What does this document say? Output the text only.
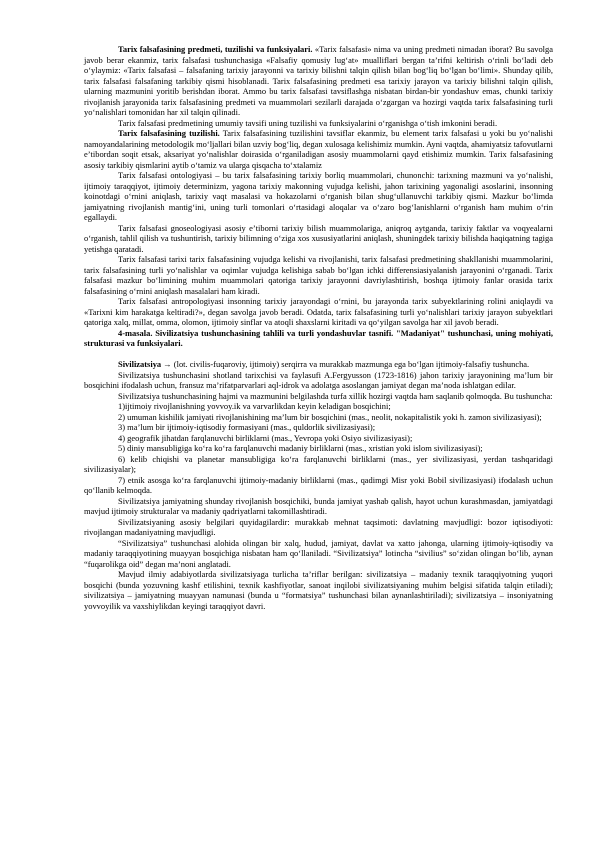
Tarix falsafasining predmeti, tuzilishi va funksiyalari. «Tarix falsafasi» nima va uning predmeti nimadan iborat? Bu savolga javob berar ekanmiz, tarix falsafasi tushunchasiga «Falsafiy qomusiy lugʻat» mualliflari bergan taʼrifni keltirish oʻrinli boʻladi deb oʻylaymiz: «Tarix falsafasi – falsafaning tarixiy jarayonni va tarixiy bilishni talqin qilish bilan bogʻliq boʻlgan boʻlimi». Shunday qilib, tarix falsafasi falsafaning tarkibiy qismi hisoblanadi. Tarix falsafasining predmeti esa tarixiy jarayon va tarixiy bilishni talqin qilish, ularning mazmunini yoritib berishdan iborat. Ammo bu tarix falsafasi tavsiflashga nisbatan birdan-bir yondashuv emas, chunki tarixiy rivojlanish jarayonida tarix falsafasining predmeti va muammolari sezilarli darajada oʻzgargan va hozirgi vaqtda tarix falsafasining turli yoʻnalishlari tomonidan har xil talqin qilinadi.

Tarix falsafasi predmetining umumiy tavsifi uning tuzilishi va funksiyalarini oʻrganishga oʻtish imkonini beradi.

Tarix falsafasining tuzilishi. Tarix falsafasining tuzilishini tavsiflar ekanmiz, bu element tarix falsafasi u yoki bu yoʻnalishi namoyandalarining metodologik moʻljallari bilan uzviy bogʻliq, degan xulosaga kelishimiz mumkin. Ayni vaqtda, ahamiyatsiz tafovutlarni eʼtibordan soqit etsak, aksariyat yoʻnalishlar doirasida oʻrganiladigan asosiy muammolarni qayd etishimiz mumkin. Tarix falsafasining asosiy tarkibiy qismlarini aytib oʻtamiz va ularga qisqacha toʻxtalamiz

Tarix falsafasi ontologiyasi – bu tarix falsafasining tarixiy borliq muammolari, chunonchi: tarixning mazmuni va yoʻnalishi, ijtimoiy taraqqiyot, ijtimoiy determinizm, yagona tarixiy makonning vujudga kelishi, jahon tarixining yagonaligi asoslarini, insonning koinotdagi oʻrnini aniqlash, tarixiy vaqt masalasi va hokazolarni oʻrganish bilan shugʻullanuvchi tarkibiy qismi. Mazkur boʻlimda jamiyatning rivojlanish mantigʻini, uning turli tomonlari oʻrtasidagi aloqalar va oʻzaro bogʻlanishlarni oʻrganish ham muhim oʻrin egallaydi.

Tarix falsafasi gnoseologiyasi asosiy eʼtiborni tarixiy bilish muammolariga, aniqroq aytganda, tarixiy faktlar va voqyealarni oʻrganish, tahlil qilish va tushuntirish, tarixiy bilimning oʻziga xos xususiyatlarini aniqlash, shuningdek tarixiy bilishda haqiqatning tagiga yetishga qaratadi.

Tarix falsafasi tarixi tarix falsafasining vujudga kelishi va rivojlanishi, tarix falsafasi predmetining shakllanishi muammolarini, tarix falsafasining turli yoʻnalishlar va oqimlar vujudga kelishiga sabab boʻlgan ichki differensiasiyalanish jarayonini oʻrganadi. Tarix falsafasi mazkur boʻlimining muhim muammolari qatoriga tarixiy jarayonni davriylashtirish, boshqa ijtimoiy fanlar orasida tarix falsafasining oʻrnini aniqlash masalalari ham kiradi.

Tarix falsafasi antropologiyasi insonning tarixiy jarayondagi oʻrnini, bu jarayonda tarix subyektlarining rolini aniqlaydi va «Tarixni kim harakatga keltiradi?», degan savolga javob beradi. Odatda, tarix falsafasining turli yoʻnalishlari tarixiy jarayon subyektlari qatoriga xalq, millat, omma, olomon, ijtimoiy sinflar va atoqli shaxslarni kiritadi va qoʻyilgan savolga har xil javob beradi.

4-masala. Sivilizatsiya tushunchasining tahlili va turli yondashuvlar tasnifi. "Madaniyat" tushunchasi, uning mohiyati, strukturasi va funksiyalari.

Sivilizatsiya → (lot. civilis-fuqaroviy, ijtimoiy) serqirra va murakkab mazmunga ega boʻlgan ijtimoiy-falsafiy tushuncha.

Sivilizatsiya tushunchasini shotland tarixchisi va faylasufi A.Fergyusson (1723-1816) jahon tarixiy jarayonining maʼlum bir bosqichini ifodalash uchun, fransuz maʼrifatparvarlari aql-idrok va adolatga asoslangan jamiyat degan maʼnoda ishlatgan edilar.

Sivilizatsiya tushunchasining hajmi va mazmunini belgilashda turfa xillik hozirgi vaqtda ham saqlanib qolmoqda. Bu tushuncha:

1)ijtimoiy rivojlanishning yovvoy.ik va varvarlikdan keyin keladigan bosqichini;

2) umuman kishilik jamiyati rivojlanishining maʼlum bir bosqichini (mas., neolit, nokapitalistik yoki h. zamon sivilizasiyasi);

3) maʼlum bir ijtimoiy-iqtisodiy formasiyani (mas., quldorlik sivilizasiyasi);

4) geografik jihatdan farqlanuvchi birliklarni (mas., Yevropa yoki Osiyo sivilizasiyasi);

5) diniy mansubligiga koʻra koʻra farqlanuvchi madaniy birliklarni (mas., xristian yoki islom sivilizasiyasi);

6) kelib chiqishi va planetar mansubligiga koʻra farqlanuvchi birliklarni (mas., yer sivilizasiyasi, yerdan tashqaridagi sivilizasiyalar);

7) etnik asosga koʻra farqlanuvchi ijtimoiy-madaniy birliklarni (mas., qadimgi Misr yoki Bobil sivilizasiyasi) ifodalash uchun qoʻllanib kelmoqda.

Sivilizatsiya jamiyatning shunday rivojlanish bosqichiki, bunda jamiyat yashab qalish, hayot uchun kurashmasdan, jamiyatdagi mavjud ijtimoiy strukturalar va madaniy qadriyatlarni takomillashtiradi.

Sivilizatsiyaning asosiy belgilari quyidagilardir: murakkab mehnat taqsimoti: davlatning mavjudligi: bozor iqtisodiyoti: rivojlangan madaniyatning mavjudligi.

“Sivilizatsiya” tushunchasi alohida olingan bir xalq, hudud, jamiyat, davlat va xatto jahonga, ularning ijtimoiy-iqtisodiy va madaniy taraqqiyotining muayyan bosqichiga nisbatan ham qoʻllaniladi. “Sivilizatsiya” lotincha “sivilius” soʻzidan olingan boʻlib, aynan “fuqarolikga oid” degan maʼnoni anglatadi.

Mavjud ilmiy adabiyotlarda sivilizatsiyaga turlicha taʼriflar berilgan: sivilizatsiya – madaniy texnik taraqqiyotning yuqori bosqichi (bunda yozuvning kashf etilishini, texnik kashfiyotlar, sanoat inqilobi sivilizatsiyaning muhim belgisi sifatida talqin etiladi); sivilizatsiya – jamiyatning muayyan namunasi (bunda u “formatsiya” tushunchasi bilan aynanlashtiriladi); sivilizatsiya – insoniyatning yovvoyilik va vaxshiylikdan keyingi taraqqiyot davri.
